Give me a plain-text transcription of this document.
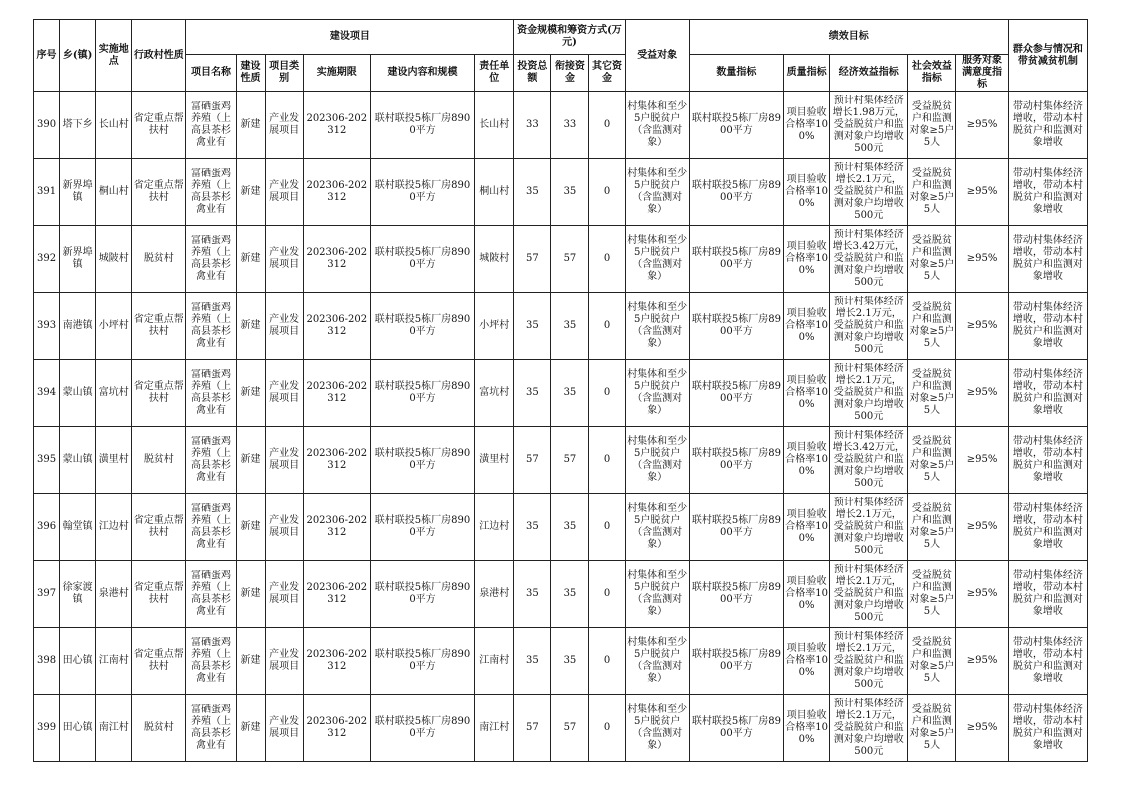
序号	乡(镇)	实施地点	行政村性质	建设项目						资金规模和筹资方式(万元)			受益对象	绩效目标					群众参与情况和带贫减贫机制
				项目名称	建设性质	项目类别	实施期限	建设内容和规模	责任单位	投资总额	衔接资金	其它资金		数量指标	质量指标	经济效益指标	社会效益指标	服务对象满意度指标	
390	塔下乡	长山村	省定重点帮扶村	富硒蛋鸡养殖（上高县茶杉禽业有	新建	产业发展项目	202306-202312	联村联投5栋厂房8900平方	长山村	33	33	0	村集体和至少5户脱贫户（含监测对象）	联村联投5栋厂房8900平方	项目验收合格率100%	预计村集体经济增长1.98万元，受益脱贫户和监测对象户均增收500元	受益脱贫户和监测对象≥5户5人	≥95%	带动村集体经济增收，带动本村脱贫户和监测对象增收
391	新界埠镇	桐山村	省定重点帮扶村	富硒蛋鸡养殖（上高县茶杉禽业有	新建	产业发展项目	202306-202312	联村联投5栋厂房8900平方	桐山村	35	35	0	村集体和至少5户脱贫户（含监测对象）	联村联投5栋厂房8900平方	项目验收合格率100%	预计村集体经济增长2.1万元，受益脱贫户和监测对象户均增收500元	受益脱贫户和监测对象≥5户5人	≥95%	带动村集体经济增收，带动本村脱贫户和监测对象增收
392	新界埠镇	城陂村	脱贫村	富硒蛋鸡养殖（上高县茶杉禽业有	新建	产业发展项目	202306-202312	联村联投5栋厂房8900平方	城陂村	57	57	0	村集体和至少5户脱贫户（含监测对象）	联村联投5栋厂房8900平方	项目验收合格率100%	预计村集体经济增长3.42万元，受益脱贫户和监测对象户均增收500元	受益脱贫户和监测对象≥5户5人	≥95%	带动村集体经济增收，带动本村脱贫户和监测对象增收
393	南港镇	小坪村	省定重点帮扶村	富硒蛋鸡养殖（上高县茶杉禽业有	新建	产业发展项目	202306-202312	联村联投5栋厂房8900平方	小坪村	35	35	0	村集体和至少5户脱贫户（含监测对象）	联村联投5栋厂房8900平方	项目验收合格率100%	预计村集体经济增长2.1万元，受益脱贫户和监测对象户均增收500元	受益脱贫户和监测对象≥5户5人	≥95%	带动村集体经济增收，带动本村脱贫户和监测对象增收
394	蒙山镇	富坑村	省定重点帮扶村	富硒蛋鸡养殖（上高县茶杉禽业有	新建	产业发展项目	202306-202312	联村联投5栋厂房8900平方	富坑村	35	35	0	村集体和至少5户脱贫户（含监测对象）	联村联投5栋厂房8900平方	项目验收合格率100%	预计村集体经济增长2.1万元，受益脱贫户和监测对象户均增收500元	受益脱贫户和监测对象≥5户5人	≥95%	带动村集体经济增收，带动本村脱贫户和监测对象增收
395	蒙山镇	潢里村	脱贫村	富硒蛋鸡养殖（上高县茶杉禽业有	新建	产业发展项目	202306-202312	联村联投5栋厂房8900平方	潢里村	57	57	0	村集体和至少5户脱贫户（含监测对象）	联村联投5栋厂房8900平方	项目验收合格率100%	预计村集体经济增长3.42万元，受益脱贫户和监测对象户均增收500元	受益脱贫户和监测对象≥5户5人	≥95%	带动村集体经济增收，带动本村脱贫户和监测对象增收
396	翰堂镇	江边村	省定重点帮扶村	富硒蛋鸡养殖（上高县茶杉禽业有	新建	产业发展项目	202306-202312	联村联投5栋厂房8900平方	江边村	35	35	0	村集体和至少5户脱贫户（含监测对象）	联村联投5栋厂房8900平方	项目验收合格率100%	预计村集体经济增长2.1万元，受益脱贫户和监测对象户均增收500元	受益脱贫户和监测对象≥5户5人	≥95%	带动村集体经济增收，带动本村脱贫户和监测对象增收
397	徐家渡镇	泉港村	省定重点帮扶村	富硒蛋鸡养殖（上高县茶杉禽业有	新建	产业发展项目	202306-202312	联村联投5栋厂房8900平方	泉港村	35	35	0	村集体和至少5户脱贫户（含监测对象）	联村联投5栋厂房8900平方	项目验收合格率100%	预计村集体经济增长2.1万元，受益脱贫户和监测对象户均增收500元	受益脱贫户和监测对象≥5户5人	≥95%	带动村集体经济增收，带动本村脱贫户和监测对象增收
398	田心镇	江南村	省定重点帮扶村	富硒蛋鸡养殖（上高县茶杉禽业有	新建	产业发展项目	202306-202312	联村联投5栋厂房8900平方	江南村	35	35	0	村集体和至少5户脱贫户（含监测对象）	联村联投5栋厂房8900平方	项目验收合格率100%	预计村集体经济增长2.1万元，受益脱贫户和监测对象户均增收500元	受益脱贫户和监测对象≥5户5人	≥95%	带动村集体经济增收，带动本村脱贫户和监测对象增收
399	田心镇	南江村	脱贫村	富硒蛋鸡养殖（上高县茶杉禽业有	新建	产业发展项目	202306-202312	联村联投5栋厂房8900平方	南江村	57	57	0	村集体和至少5户脱贫户（含监测对象）	联村联投5栋厂房8900平方	项目验收合格率100%	预计村集体经济增长2.1万元，受益脱贫户和监测对象户均增收500元	受益脱贫户和监测对象≥5户5人	≥95%	带动村集体经济增收，带动本村脱贫户和监测对象增收
